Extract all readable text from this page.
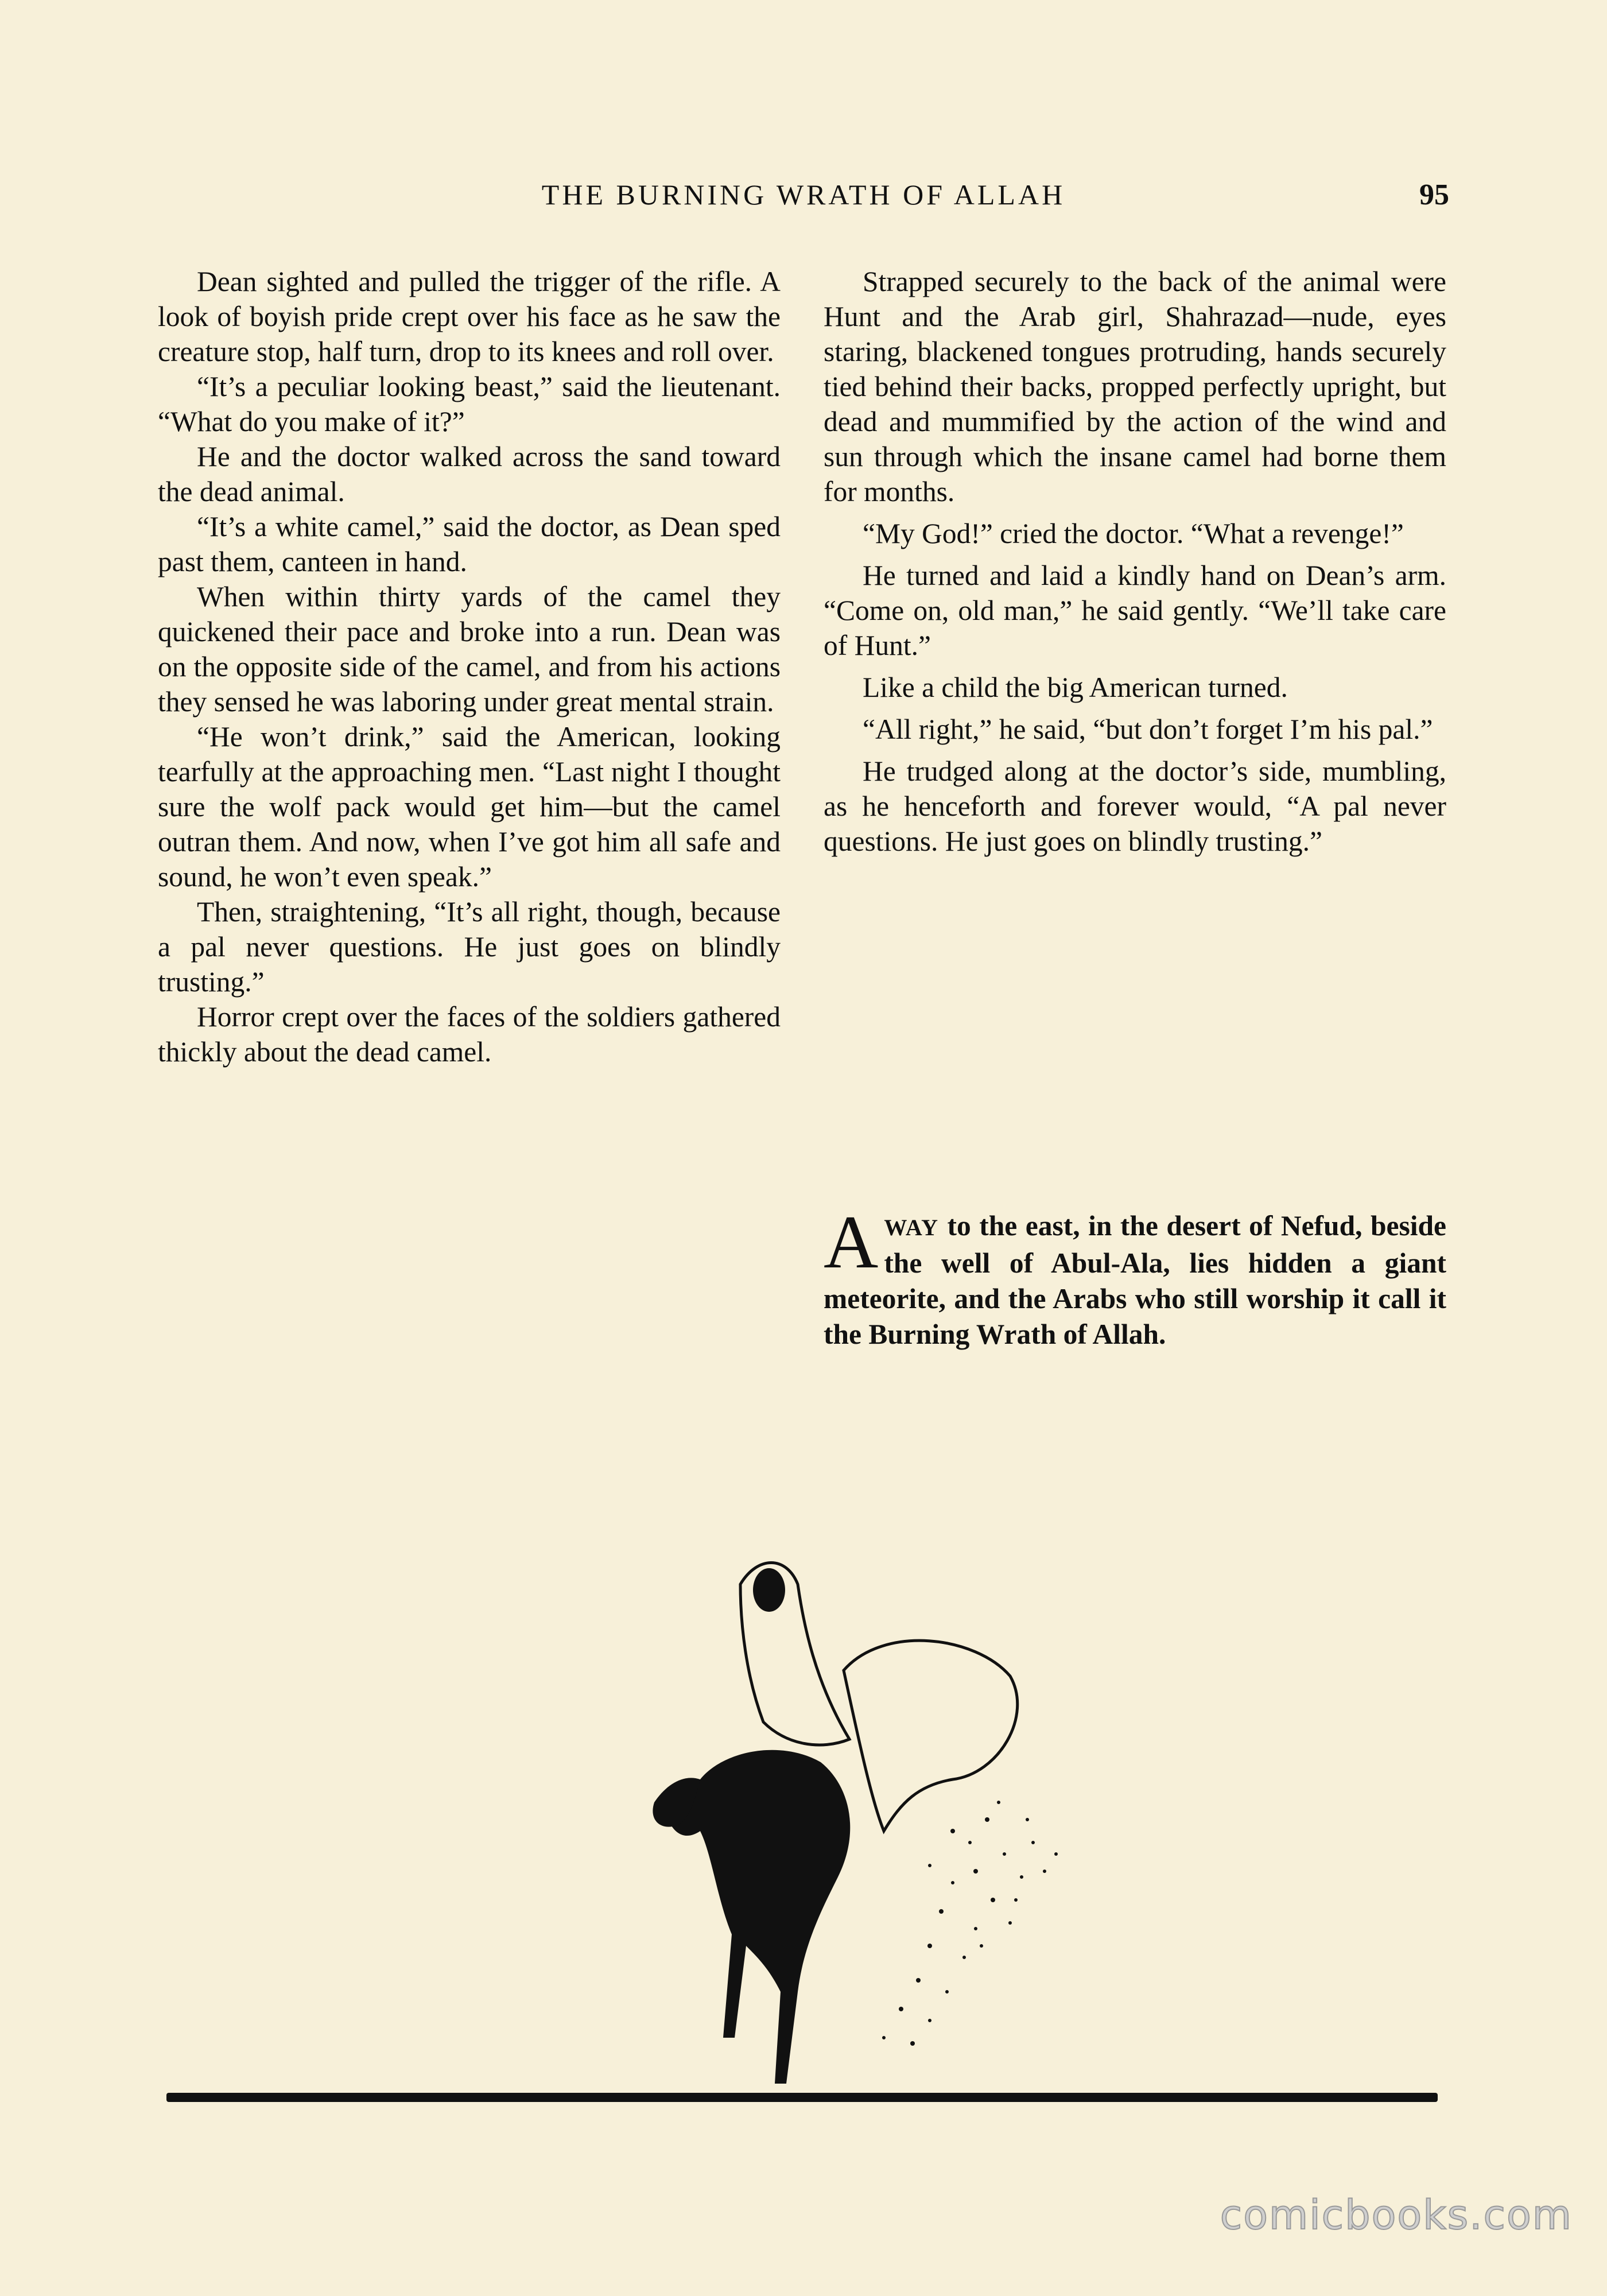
THE BURNING WRATH OF ALLAH	95

Dean sighted and pulled the trigger of the rifle. A look of boyish pride crept over his face as he saw the creature stop, half turn, drop to its knees and roll over.

“It’s a peculiar looking beast,” said the lieutenant. “What do you make of it?”

He and the doctor walked across the sand toward the dead animal.

“It’s a white camel,” said the doctor, as Dean sped past them, canteen in hand.

When within thirty yards of the camel they quickened their pace and broke into a run. Dean was on the opposite side of the camel, and from his actions they sensed he was laboring under great mental strain.

“He won’t drink,” said the American, looking tearfully at the approaching men. “Last night I thought sure the wolf pack would get him—but the camel outran them. And now, when I’ve got him all safe and sound, he won’t even speak.”

Then, straightening, “It’s all right, though, because a pal never questions. He just goes on blindly trusting.”

Horror crept over the faces of the soldiers gathered thickly about the dead camel.

Strapped securely to the back of the animal were Hunt and the Arab girl, Shahrazad—nude, eyes staring, blackened tongues protruding, hands securely tied behind their backs, propped perfectly upright, but dead and mummified by the action of the wind and sun through which the insane camel had borne them for months.

“My God!” cried the doctor. “What a revenge!”

He turned and laid a kindly hand on Dean’s arm. “Come on, old man,” he said gently. “We’ll take care of Hunt.”

Like a child the big American turned.

“All right,” he said, “but don’t forget I’m his pal.”

He trudged along at the doctor’s side, mumbling, as he henceforth and forever would, “A pal never questions. He just goes on blindly trusting.”

AWAY to the east, in the desert of Nefud, beside the well of Abul-Ala, lies hidden a giant meteorite, and the Arabs who still worship it call it the Burning Wrath of Allah.
comicbooks.com
